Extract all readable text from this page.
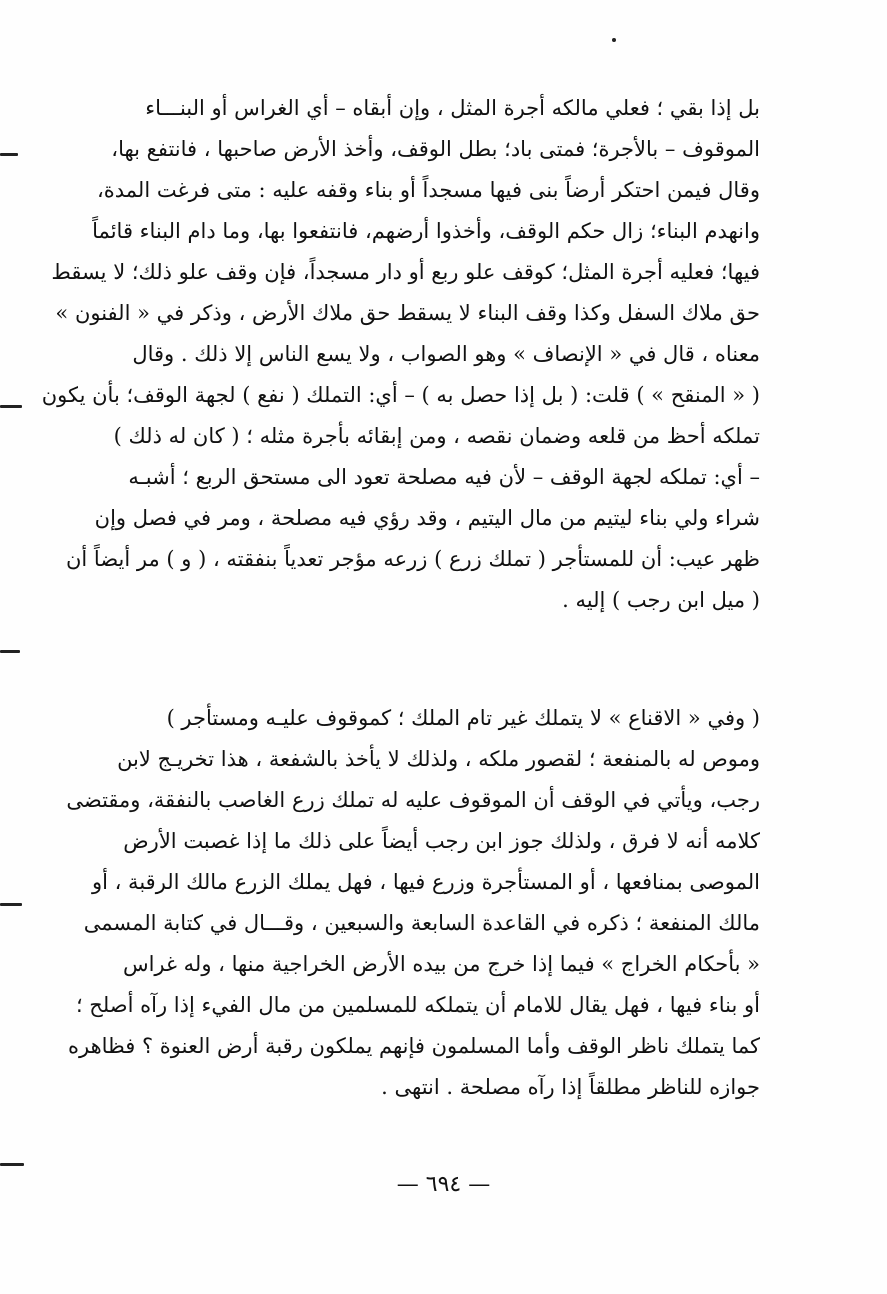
بل إذا بقي ؛ فعلي مالكه أجرة المثل ، وإن أبقاه – أي الغراس أو البنـــاء
الموقوف – بالأجرة؛ فمتى باد؛ بطل الوقف، وأخذ الأرض صاحبها ، فانتفع بها،
وقال فيمن احتكر أرضاً بنى فيها مسجداً أو بناء وقفه عليه : متى فرغت المدة،
وانهدم البناء؛ زال حكم الوقف، وأخذوا أرضهم، فانتفعوا بها، وما دام البناء قائماً
فيها؛ فعليه أجرة المثل؛ كوقف علو ربع أو دار مسجداً، فإن وقف علو ذلك؛ لا يسقط
حق ملاك السفل وكذا وقف البناء لا يسقط حق ملاك الأرض ، وذكر في « الفنون »
معناه ، قال في « الإنصاف » وهو الصواب ، ولا يسع الناس إلا ذلك . وقال
( « المنقح » ) قلت: ( بل إذا حصل به ) – أي: التملك ( نفع ) لجهة الوقف؛ بأن يكون
تملكه أحظ من قلعه وضمان نقصه ، ومن إبقائه بأجرة مثله ؛ ( كان له ذلك )
– أي: تملكه لجهة الوقف – لأن فيه مصلحة تعود الى مستحق الربع ؛ أشبـه
شراء ولي بناء ليتيم من مال اليتيم ، وقد رؤي فيه مصلحة ، ومر في فصل وإن
ظهر عيب: أن للمستأجر ( تملك زرع ) زرعه مؤجر تعدياً بنفقته ، ( و ) مر أيضاً أن
( ميل ابن رجب ) إليه .
( وفي « الاقناع » لا يتملك غير تام الملك ؛ كموقوف عليـه ومستأجر )
وموص له بالمنفعة ؛ لقصور ملكه ، ولذلك لا يأخذ بالشفعة ، هذا تخريـج لابن
رجب، ويأتي في الوقف أن الموقوف عليه له تملك زرع الغاصب بالنفقة، ومقتضى
كلامه أنه لا فرق ، ولذلك جوز ابن رجب أيضاً على ذلك ما إذا غصبت الأرض
الموصى بمنافعها ، أو المستأجرة وزرع فيها ، فهل يملك الزرع مالك الرقبة ، أو
مالك المنفعة ؛ ذكره في القاعدة السابعة والسبعين ، وقـــال في كتابة المسمى
« بأحكام الخراج » فيما إذا خرج من بيده الأرض الخراجية منها ، وله غراس
أو بناء فيها ، فهل يقال للامام أن يتملكه للمسلمين من مال الفيء إذا رآه أصلح ؛
كما يتملك ناظر الوقف وأما المسلمون فإنهم يملكون رقبة أرض العنوة ؟ فظاهره
جوازه للناظر مطلقاً إذا رآه مصلحة . انتهى .
— ٦٩٤ —
